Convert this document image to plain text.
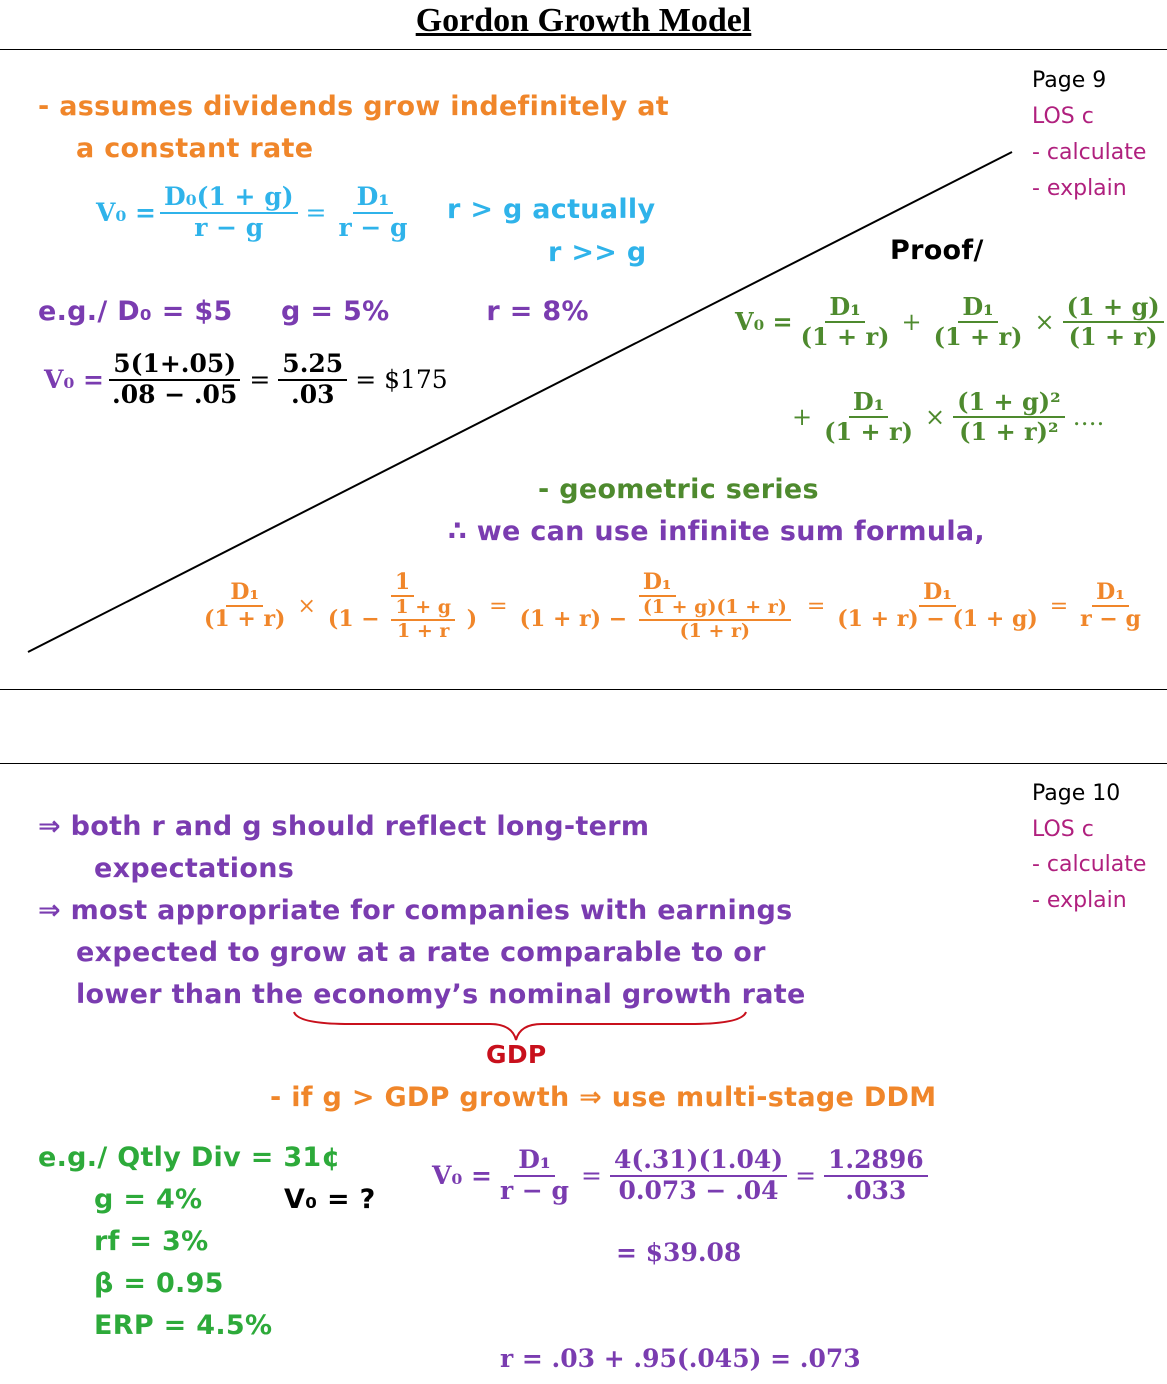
Gordon Growth Model
Page 9
LOS c
- calculate
- explain
- assumes dividends grow indefinitely at
a constant rate
$V_0 = \frac{\text{D₀(1 + g)}}{r - g} = \frac{\text{D₁}}{r - g}$ r > g actually
r >> g	Proof/
e.g./ D₀ = $5     g = 5%          r = 8%
$V_0 = \frac{5(1+.05)}{.08 - .05} = \frac{5.25}{.03}$ = $175
$V_0 = \frac{\text{D₁}}{(1 + r)} + \frac{\text{D₁}}{(1 + r)} \times \frac{(1 + g)}{(1 + r)}$
+ $\frac{\text{D₁}}{(1 + r)} \times \frac{\text{(1 + g)²}}{\text{(1 + r)²}}$ ….
- geometric series
∴ we can use infinite sum formula,
$\frac{\text{D₁}}{(1 + r)} \times \frac{1}{(1 - \frac{1 + g}{1 + r} )} = \frac{\text{D₁}}{(1 + r) - \frac{(1 + g)(1 + r)}{(1 + r)}} = \frac{\text{D₁}}{(1 + r) - (1 + g)} = \frac{\text{D₁}}{r - g}$
Page 10
LOS c
- calculate
- explain
⇒ both r and g should reflect long-term
expectations
⇒ most appropriate for companies with earnings
expected to grow at a rate comparable to or
lower than the economy’s nominal growth rate
GDP
- if g > GDP growth ⇒ use multi-stage DDM
e.g./ Qtly Div = 31¢
g = 4%
rf = 3%
β = 0.95
ERP = 4.5%
V₀ = ?
$V_0 = \frac{\text{D₁}}{r - g} = \frac{4(.31)(1.04)}{0.073 - .04} = \frac{1.2896}{.033}$
= $39.08
r = .03 + .95(.045) = .073
